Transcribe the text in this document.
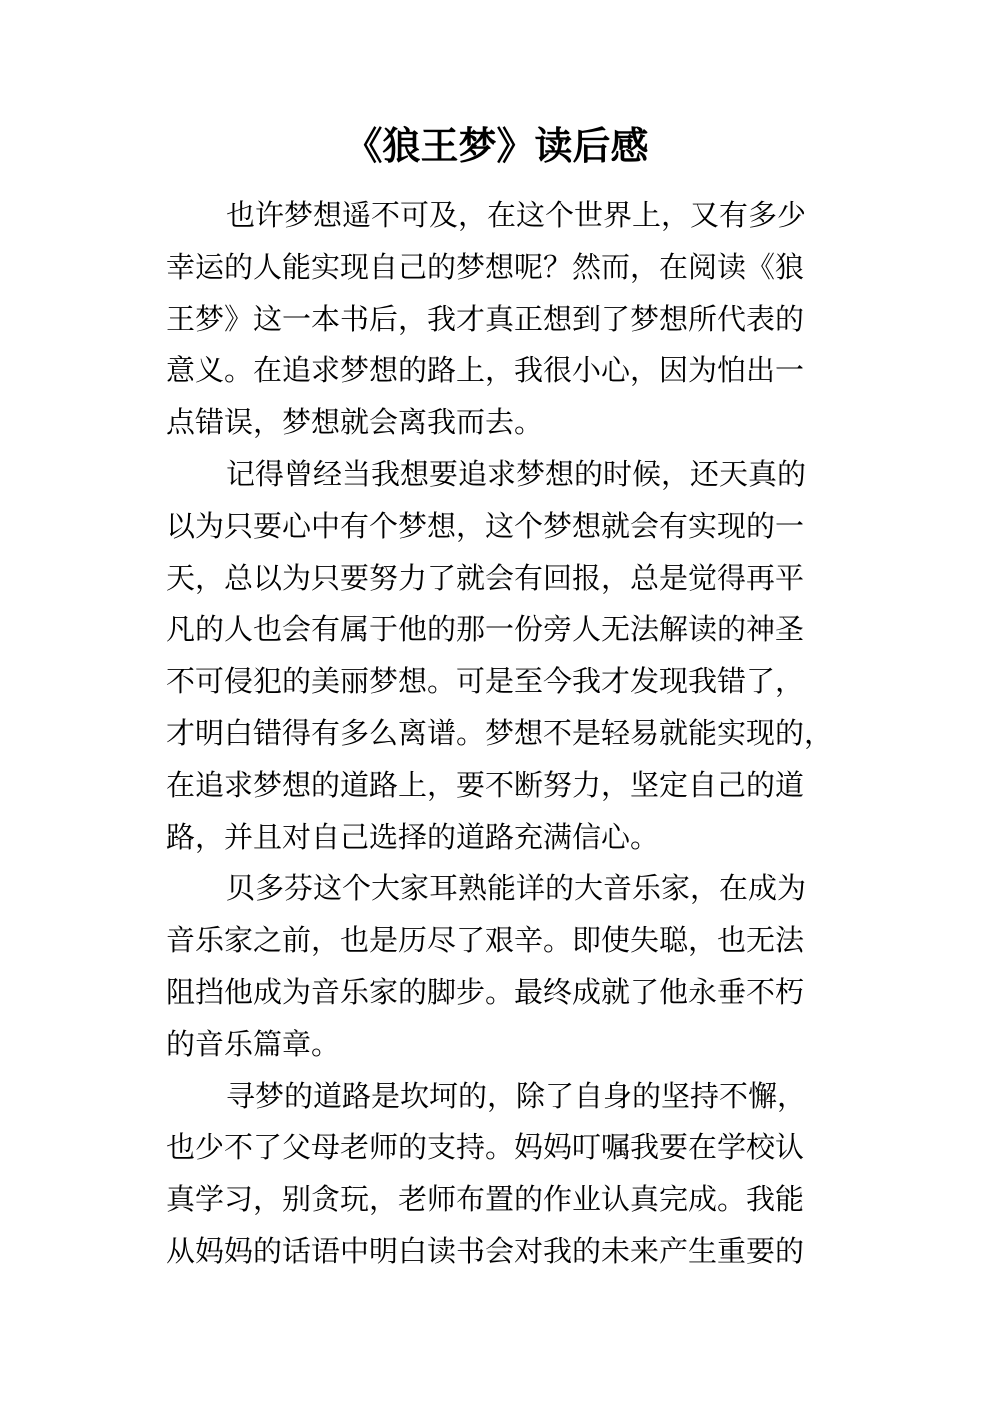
《狼王梦》读后感
也许梦想遥不可及，在这个世界上，又有多少
幸运的人能实现自己的梦想呢？然而，在阅读《狼
王梦》这一本书后，我才真正想到了梦想所代表的
意义。在追求梦想的路上，我很小心，因为怕出一
点错误，梦想就会离我而去。
记得曾经当我想要追求梦想的时候，还天真的
以为只要心中有个梦想，这个梦想就会有实现的一
天，总以为只要努力了就会有回报，总是觉得再平
凡的人也会有属于他的那一份旁人无法解读的神圣
不可侵犯的美丽梦想。可是至今我才发现我错了，
才明白错得有多么离谱。梦想不是轻易就能实现的，
在追求梦想的道路上，要不断努力，坚定自己的道
路，并且对自己选择的道路充满信心。
贝多芬这个大家耳熟能详的大音乐家，在成为
音乐家之前，也是历尽了艰辛。即使失聪，也无法
阻挡他成为音乐家的脚步。最终成就了他永垂不朽
的音乐篇章。
寻梦的道路是坎坷的，除了自身的坚持不懈，
也少不了父母老师的支持。妈妈叮嘱我要在学校认
真学习，别贪玩，老师布置的作业认真完成。我能
从妈妈的话语中明白读书会对我的未来产生重要的
